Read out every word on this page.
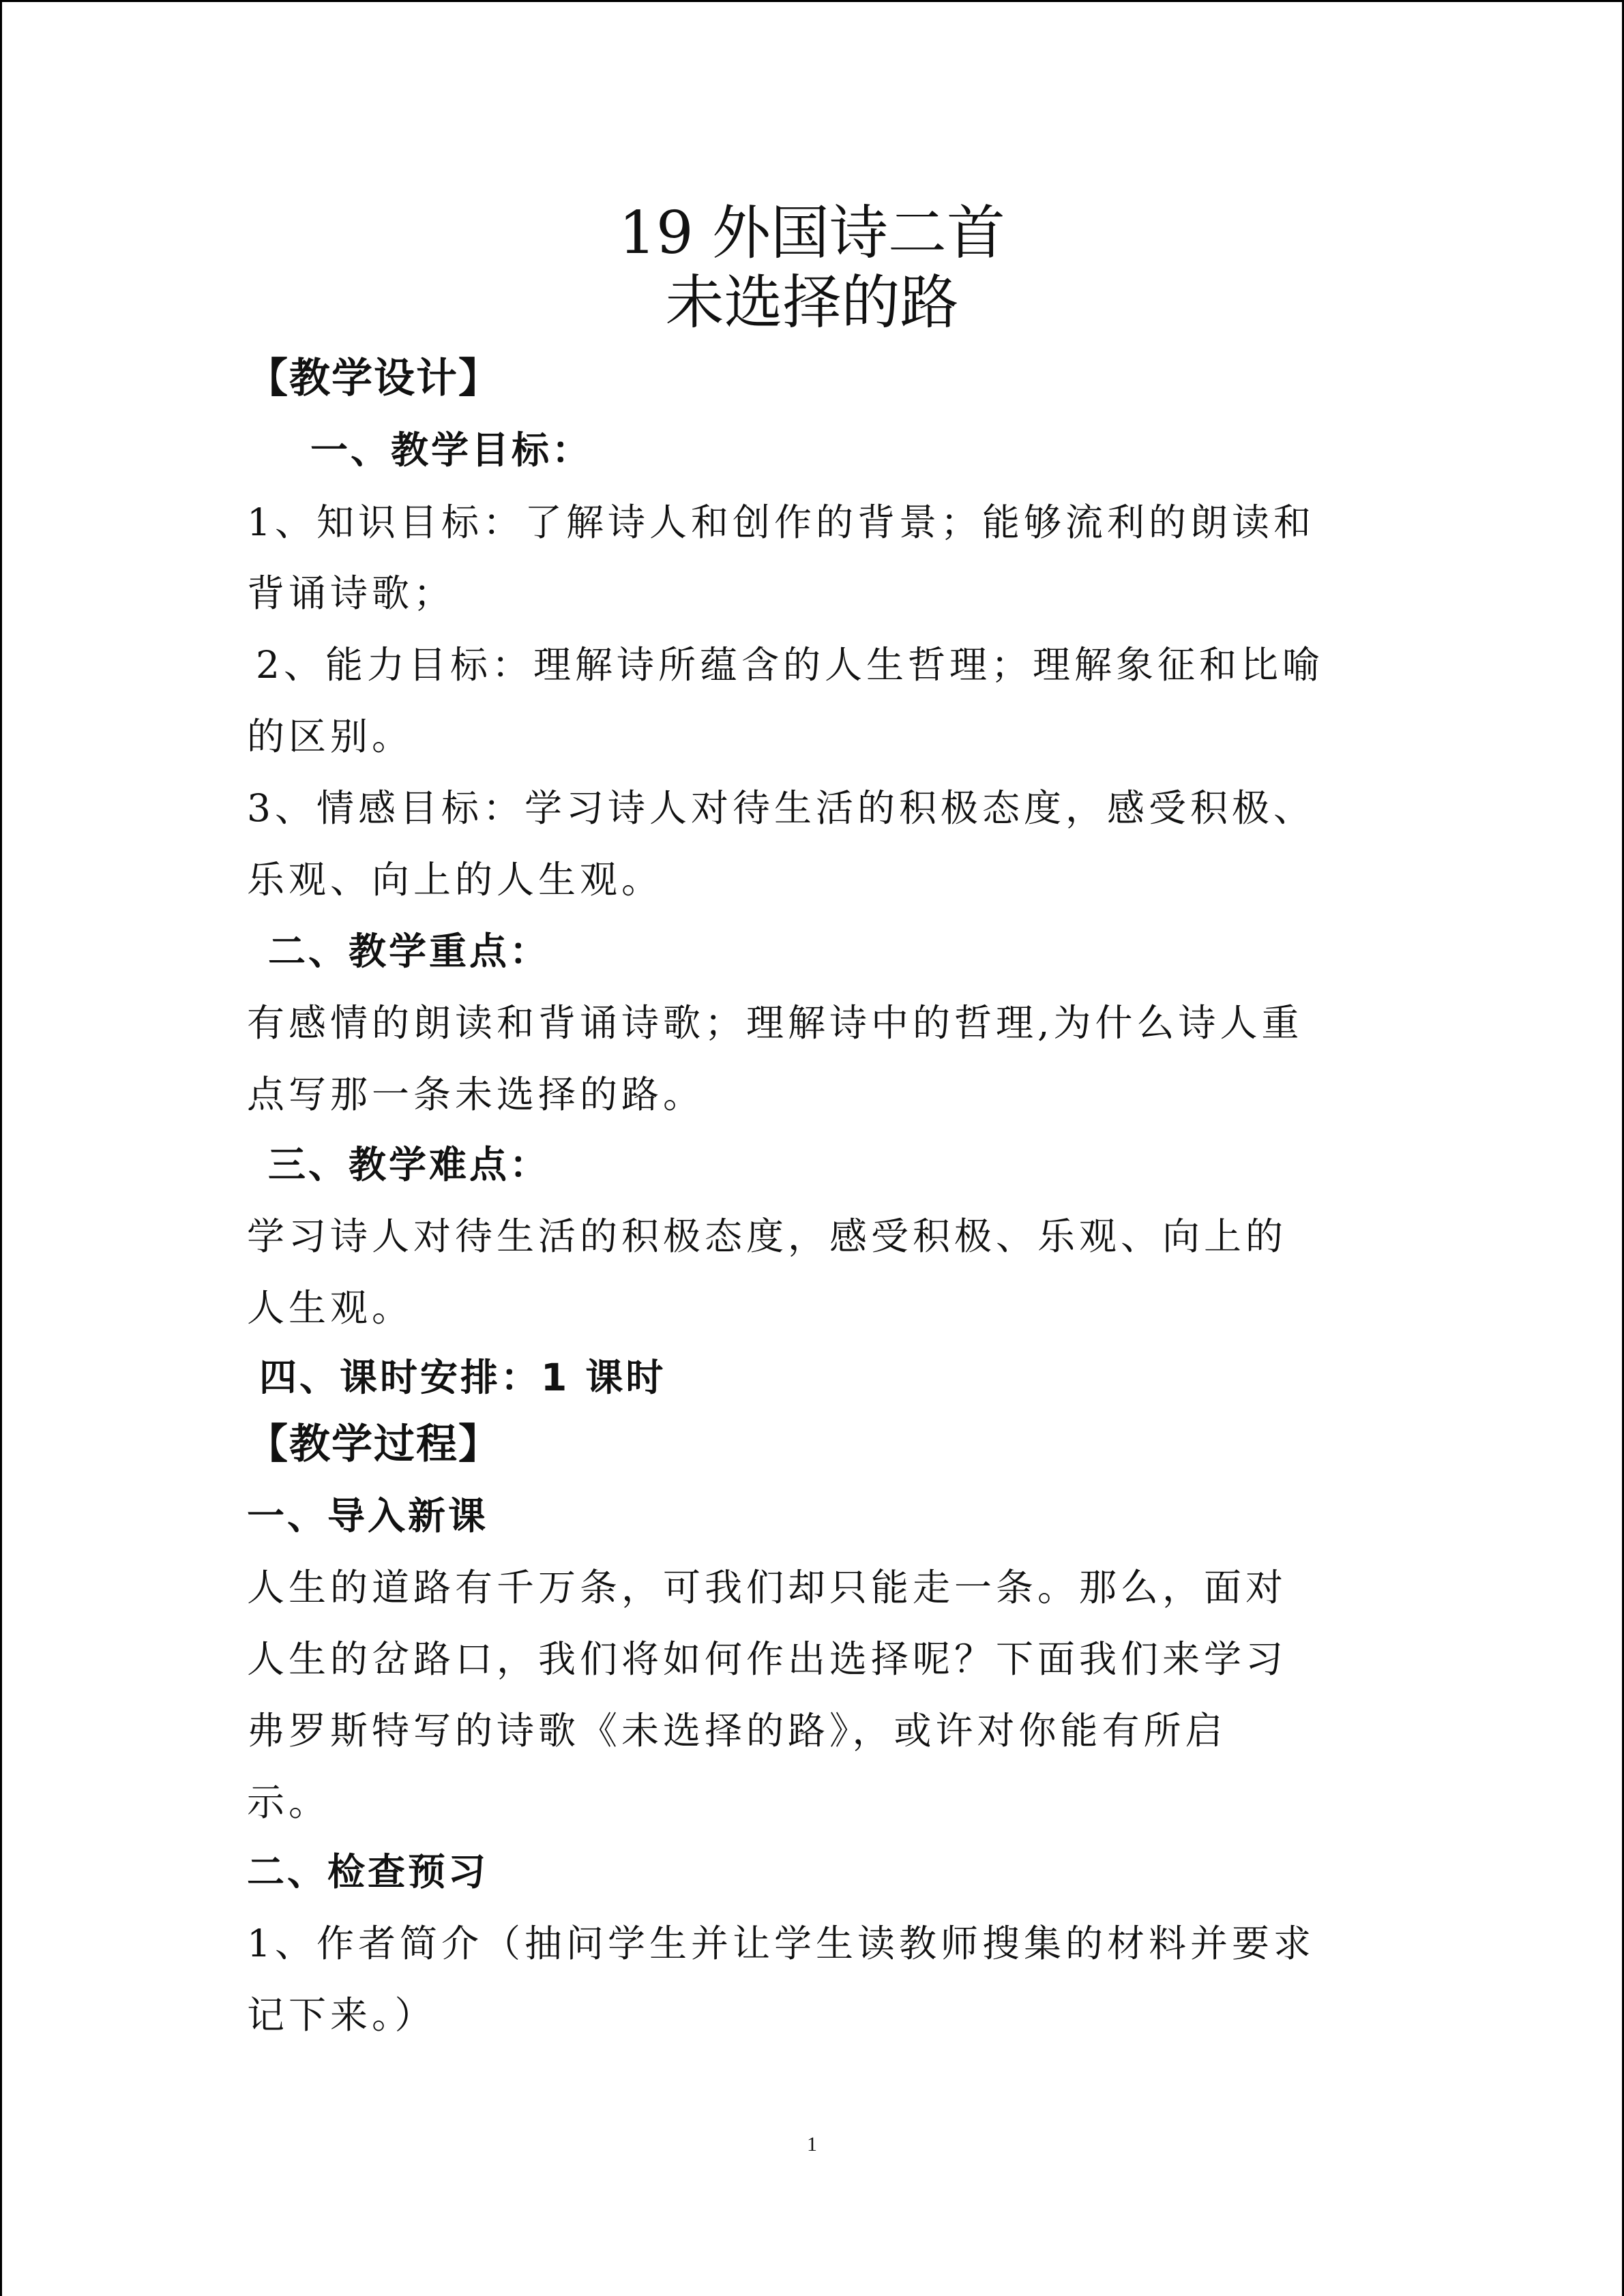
19 外国诗二首
未选择的路
【教学设计】
一、教学目标：
1、知识目标：了解诗人和创作的背景；能够流利的朗读和
背诵诗歌；
2、能力目标：理解诗所蕴含的人生哲理；理解象征和比喻
的区别。
3、情感目标：学习诗人对待生活的积极态度，感受积极、
乐观、向上的人生观。
二、教学重点：
有感情的朗读和背诵诗歌；理解诗中的哲理,为什么诗人重
点写那一条未选择的路。
三、教学难点：
学习诗人对待生活的积极态度，感受积极、乐观、向上的
人生观。
四、课时安排：1 课时
【教学过程】
一、导入新课
人生的道路有千万条，可我们却只能走一条。那么，面对
人生的岔路口，我们将如何作出选择呢？下面我们来学习
弗罗斯特写的诗歌《未选择的路》，或许对你能有所启
示。
二、检查预习
1、作者简介（抽问学生并让学生读教师搜集的材料并要求
记下来。）
1
